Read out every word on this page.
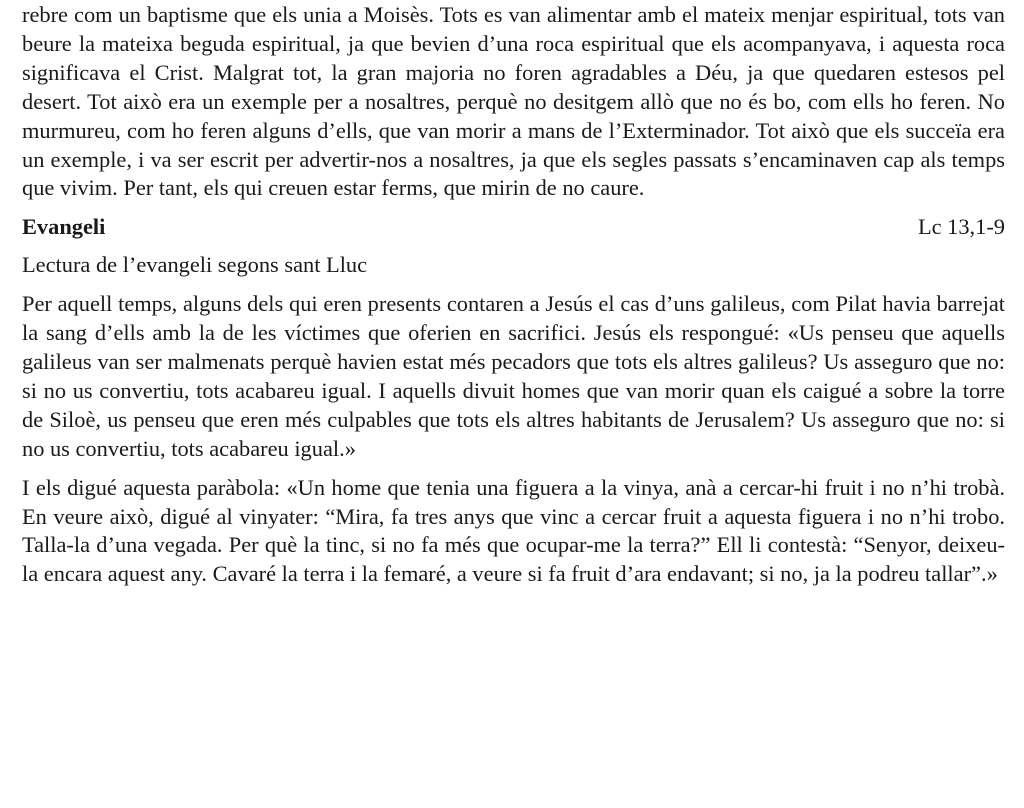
rebre com un baptisme que els unia a Moisès. Tots es van alimentar amb el mateix menjar espiritual, tots van beure la mateixa beguda espiritual, ja que bevien d’una roca espiritual que els acompanyava, i aquesta roca significava el Crist. Malgrat tot, la gran majoria no foren agradables a Déu, ja que quedaren estesos pel desert. Tot això era un exemple per a nosaltres, perquè no desitgem allò que no és bo, com ells ho feren. No murmureu, com ho feren alguns d’ells, que van morir a mans de l’Exterminador. Tot això que els succeïa era un exemple, i va ser escrit per advertir-nos a nosaltres, ja que els segles passats s’encaminaven cap als temps que vivim. Per tant, els qui creuen estar ferms, que mirin de no caure.

Evangeli	Lc 13,1-9

Lectura de l’evangeli segons sant Lluc

Per aquell temps, alguns dels qui eren presents contaren a Jesús el cas d’uns galileus, com Pilat havia barrejat la sang d’ells amb la de les víctimes que oferien en sacrifici. Jesús els respongué: «Us penseu que aquells galileus van ser malmenats perquè havien estat més pecadors que tots els altres galileus? Us asseguro que no: si no us convertiu, tots acabareu igual. I aquells divuit homes que van morir quan els caigué a sobre la torre de Siloè, us penseu que eren més culpables que tots els altres habitants de Jerusalem? Us asseguro que no: si no us convertiu, tots acabareu igual.»

I els digué aquesta paràbola: «Un home que tenia una figuera a la vinya, anà a cercar-hi fruit i no n’hi trobà. En veure això, digué al vinyater: “Mira, fa tres anys que vinc a cercar fruit a aquesta figuera i no n’hi trobo. Talla-la d’una vegada. Per què la tinc, si no fa més que ocupar-me la terra?” Ell li contestà: “Senyor, deixeu-la encara aquest any. Cavaré la terra i la femaré, a veure si fa fruit d’ara endavant; si no, ja la podreu tallar”.»
